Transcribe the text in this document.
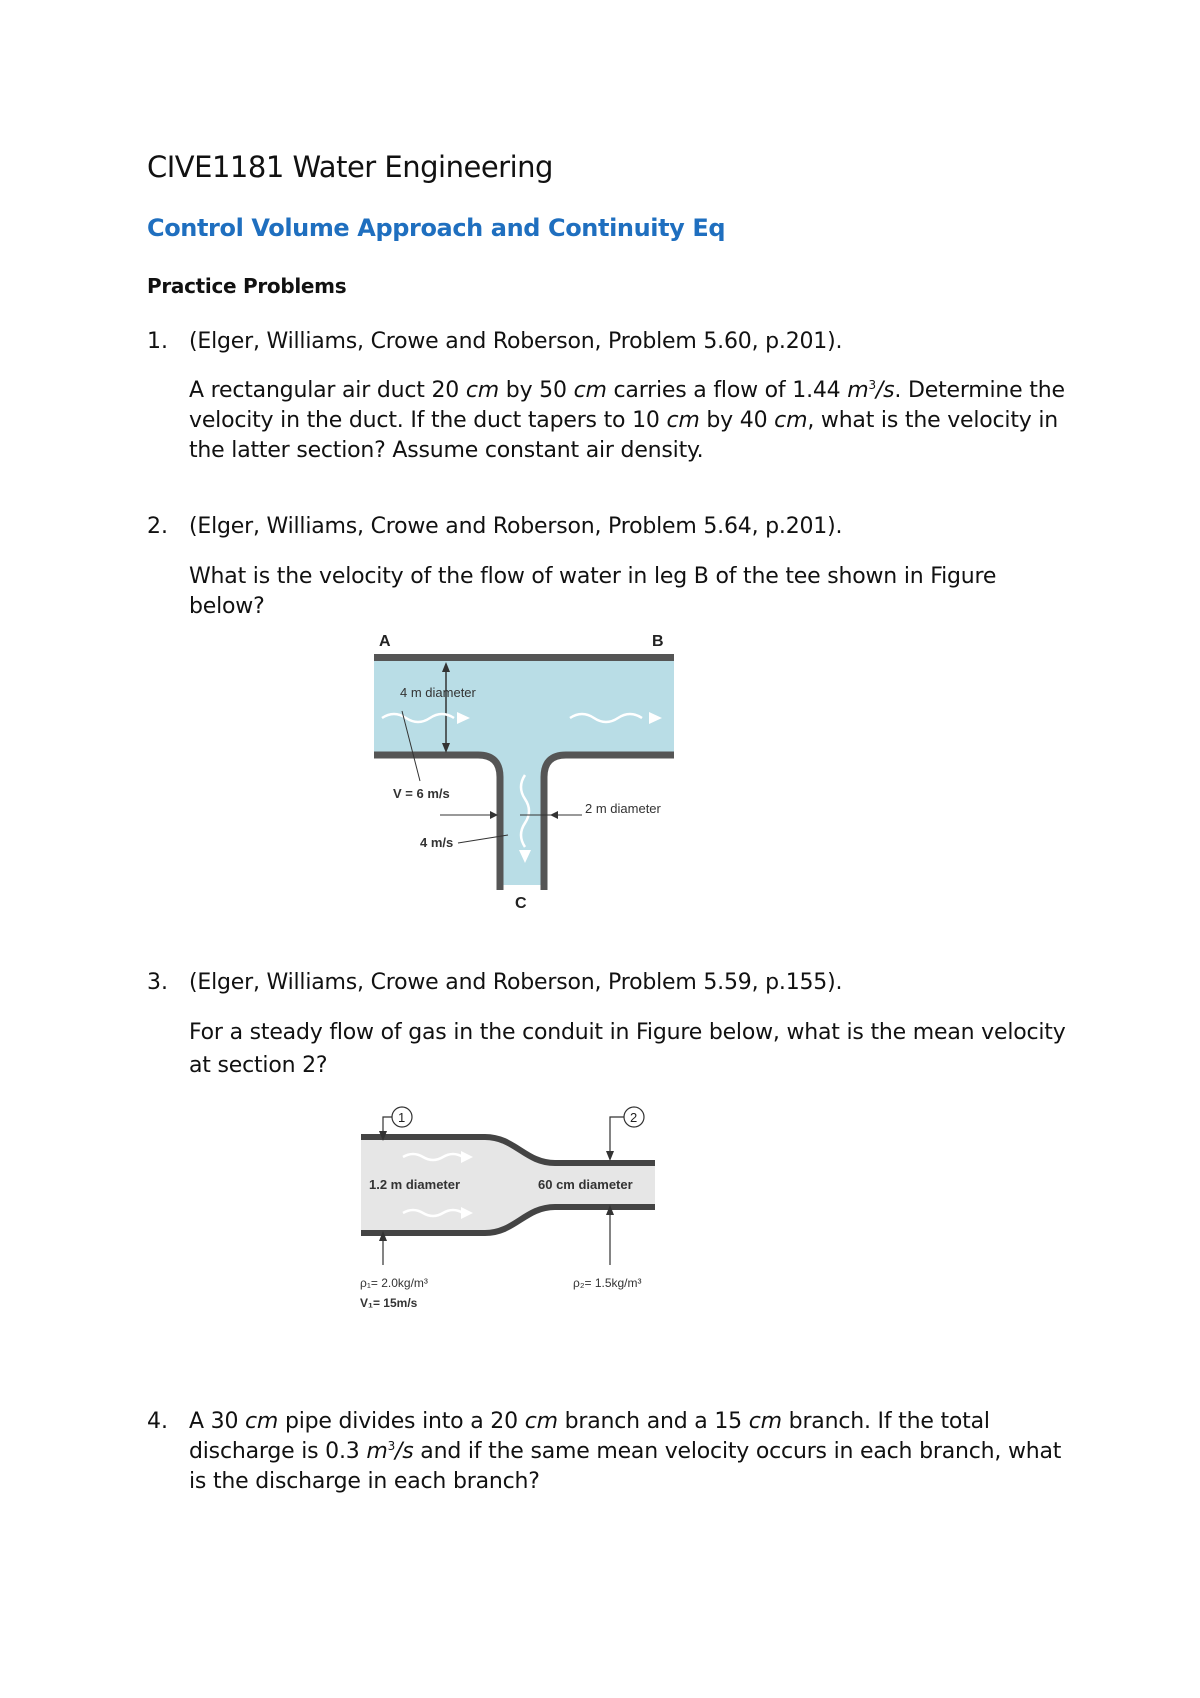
CIVE1181 Water Engineering
Control Volume Approach and Continuity Eq
Practice Problems
1. (Elger, Williams, Crowe and Roberson, Problem 5.60, p.201).
A rectangular air duct 20 cm by 50 cm carries a flow of 1.44 $m^3/s$. Determine the velocity in the duct. If the duct tapers to 10 cm by 40 cm, what is the velocity in the latter section? Assume constant air density.
2. (Elger, Williams, Crowe and Roberson, Problem 5.64, p.201).
What is the velocity of the flow of water in leg B of the tee shown in Figure below?
A	B
C
4 m diameter
V = 6 m/s
2 m diameter
4 m/s
3. (Elger, Williams, Crowe and Roberson, Problem 5.59, p.155).
For a steady flow of gas in the conduit in Figure below, what is the mean velocity at section 2?
1	2
1.2 m diameter	60 cm diameter
ρ₁= 2.0kg/m³
V₁= 15m/s
ρ₂= 1.5kg/m³
4. A 30 cm pipe divides into a 20 cm branch and a 15 cm branch. If the total discharge is 0.3 $m^3/s$ and if the same mean velocity occurs in each branch, what is the discharge in each branch?
